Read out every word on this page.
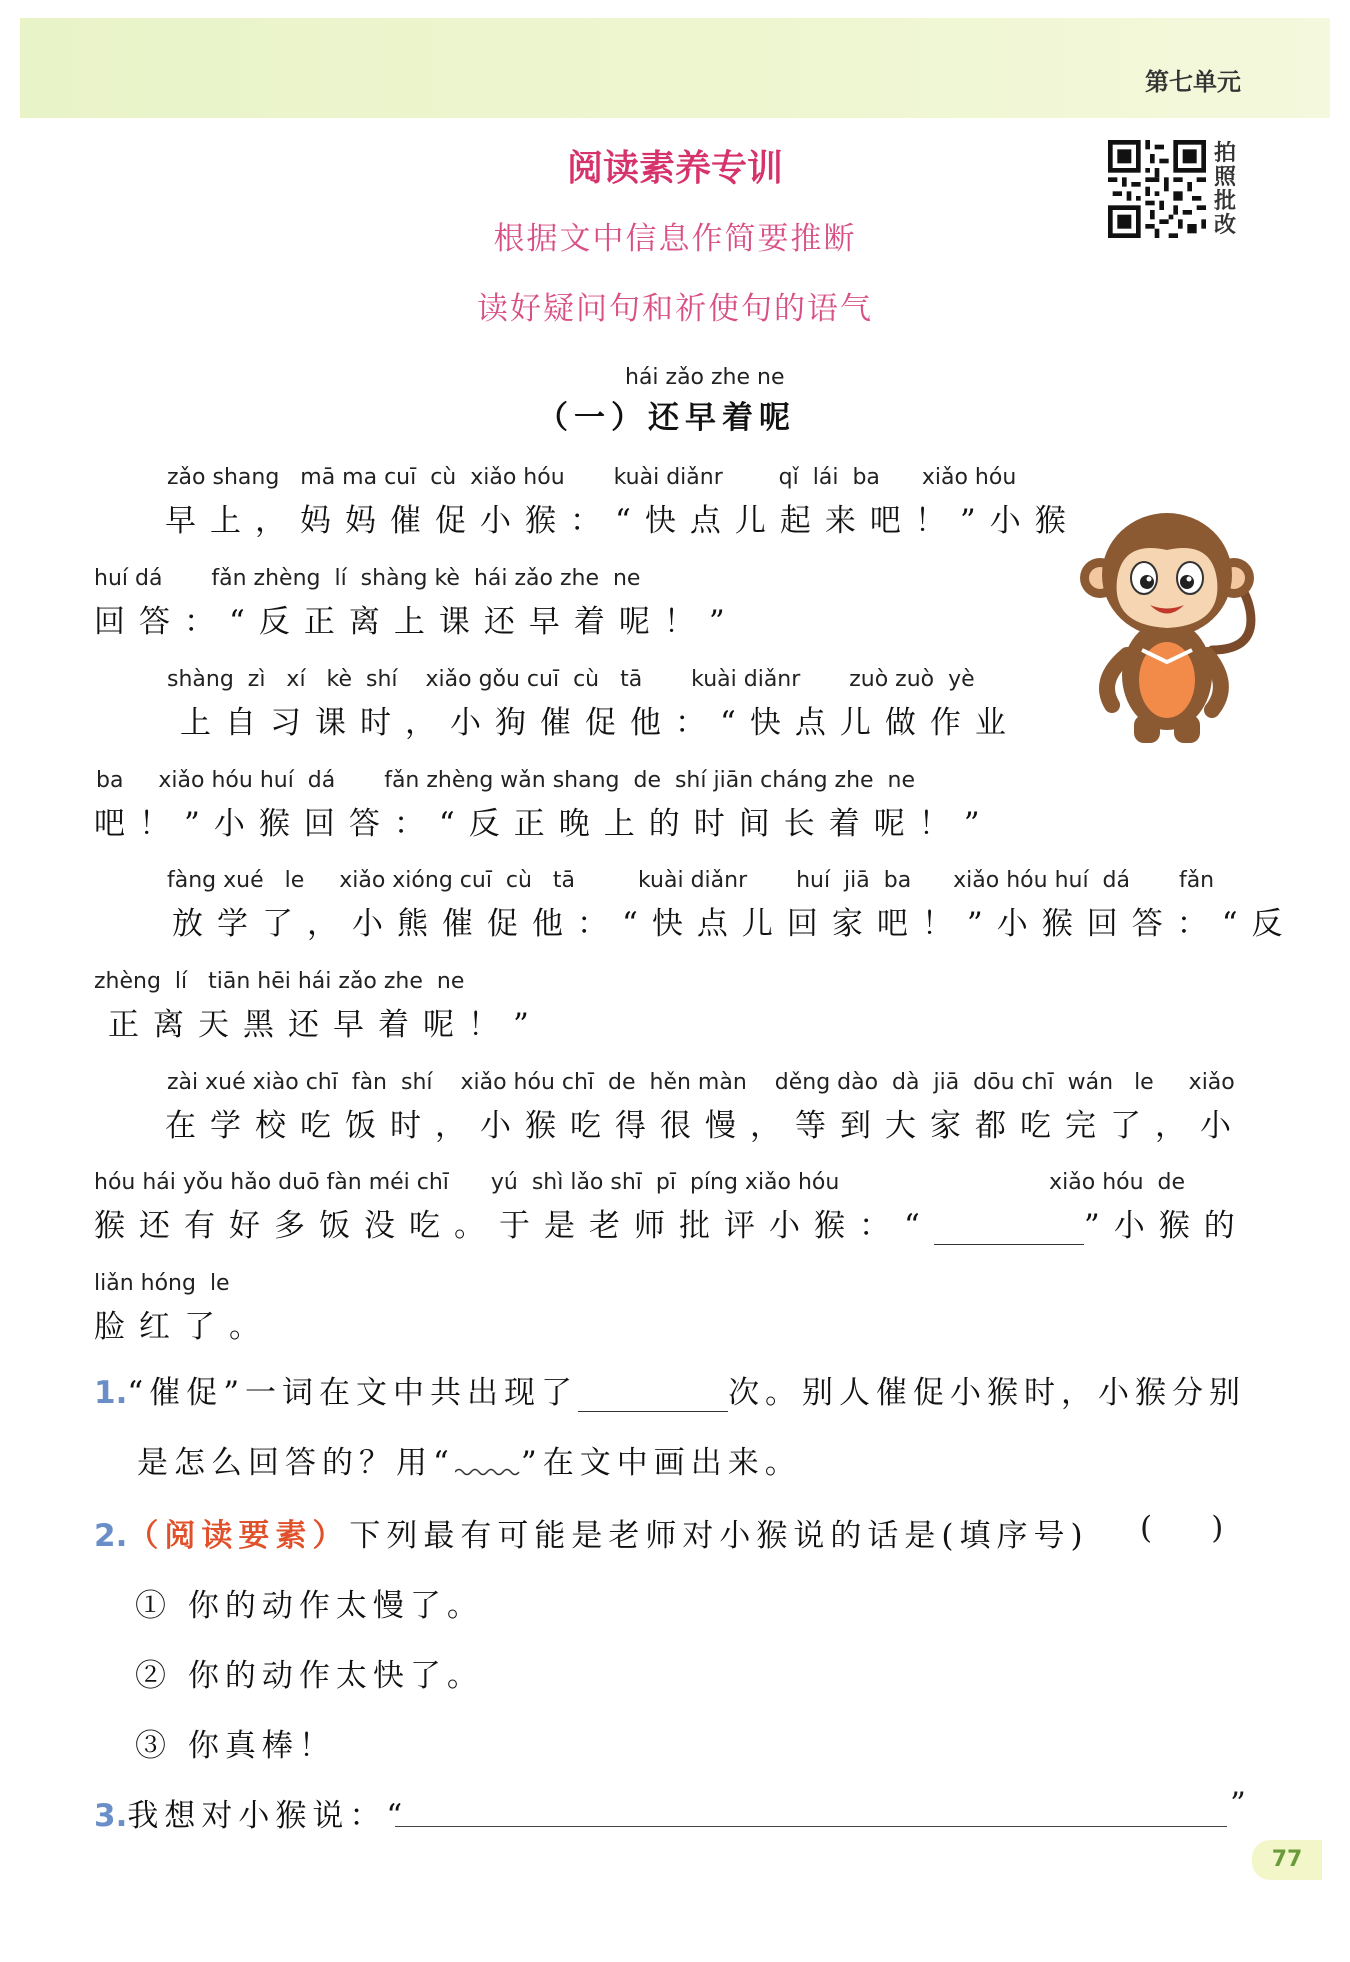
第七单元
拍照批改
阅读素养专训
根据文中信息作简要推断
读好疑问句和祈使句的语气
hái zǎo zhe ne
（一）还早着呢
zǎo shang   mā ma cuī  cù  xiǎo hóu       kuài diǎnr        qǐ  lái  ba      xiǎo hóu
早上，妈妈催促小猴：“快点儿起来吧！”小猴
huí dá       fǎn zhèng  lí  shàng kè  hái zǎo zhe  ne
回答：“反正离上课还早着呢！”
shàng  zì   xí   kè  shí    xiǎo gǒu cuī  cù   tā       kuài diǎnr       zuò zuò  yè
上自习课时，小狗催促他：“快点儿做作业
ba     xiǎo hóu huí  dá       fǎn zhèng wǎn shang  de  shí jiān cháng zhe  ne
吧！”小猴回答：“反正晚上的时间长着呢！”
fàng xué   le     xiǎo xióng cuī  cù   tā         kuài diǎnr       huí  jiā  ba      xiǎo hóu huí  dá       fǎn
放学了，小熊催促他：“快点儿回家吧！”小猴回答：“反
zhèng  lí   tiān hēi hái zǎo zhe  ne
正离天黑还早着呢！”
zài xué xiào chī  fàn  shí    xiǎo hóu chī  de  hěn màn    děng dào  dà  jiā  dōu chī  wán   le     xiǎo
在学校吃饭时，小猴吃得很慢，等到大家都吃完了，小
hóu hái yǒu hǎo duō fàn méi chī      yú  shì lǎo shī  pī  píng xiǎo hóu                              xiǎo hóu  de
猴还有好多饭没吃。于是老师批评小猴：“	”小猴的
liǎn hóng  le
脸红了。
1.“催促”一词在文中共出现了	次。别人催促小猴时，小猴分别
是怎么回答的？用“ ”在文中画出来。
2.（阅读要素）下列最有可能是老师对小猴说的话是(填序号) (      )
① 你的动作太慢了。
② 你的动作太快了。
③ 你真棒！
3.我想对小猴说：“	”
77
